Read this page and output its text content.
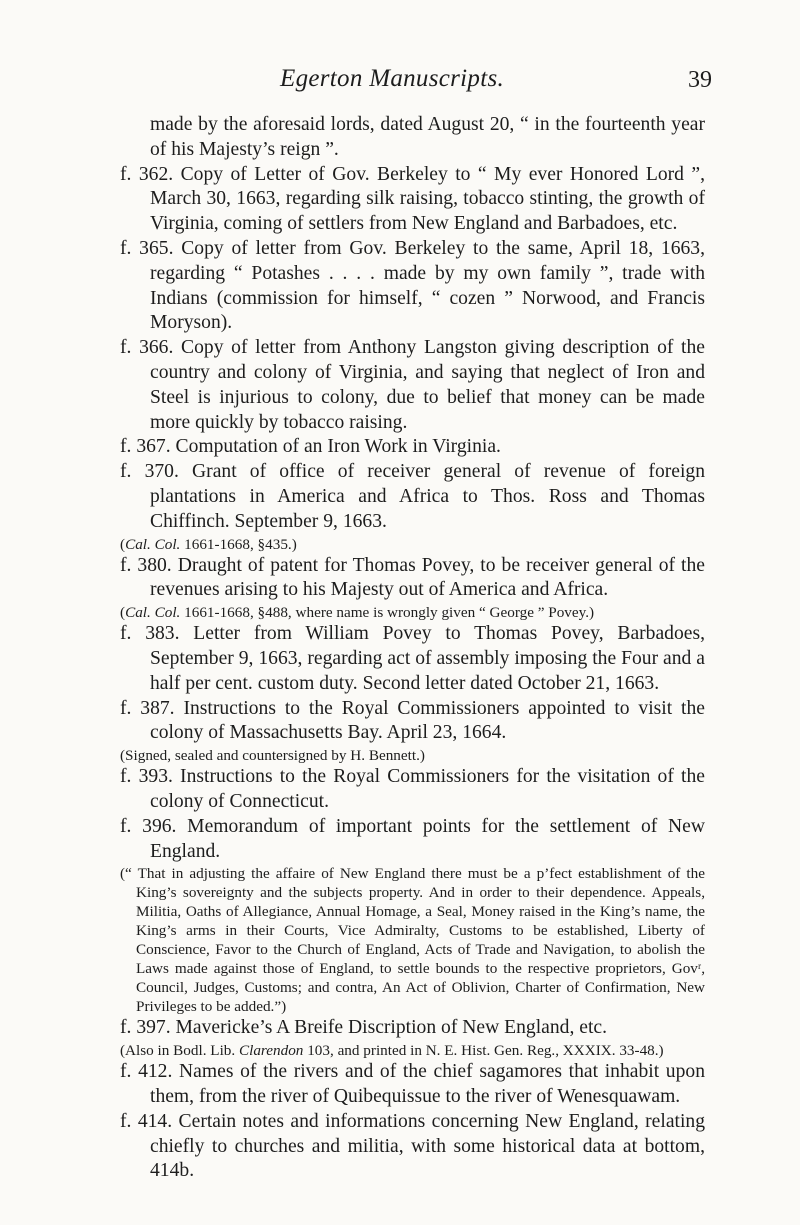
Egerton Manuscripts.	39

made by the aforesaid lords, dated August 20, “ in the fourteenth year of his Majesty’s reign ”.

f. 362. Copy of Letter of Gov. Berkeley to “ My ever Honored Lord ”, March 30, 1663, regarding silk raising, tobacco stinting, the growth of Virginia, coming of settlers from New England and Barbadoes, etc.

f. 365. Copy of letter from Gov. Berkeley to the same, April 18, 1663, regarding “ Potashes . . . . made by my own family ”, trade with Indians (commission for himself, “ cozen ” Norwood, and Francis Moryson).

f. 366. Copy of letter from Anthony Langston giving description of the country and colony of Virginia, and saying that neglect of Iron and Steel is injurious to colony, due to belief that money can be made more quickly by tobacco raising.

f. 367. Computation of an Iron Work in Virginia.

f. 370. Grant of office of receiver general of revenue of foreign plantations in America and Africa to Thos. Ross and Thomas Chiffinch. September 9, 1663.

(Cal. Col. 1661-1668, §435.)

f. 380. Draught of patent for Thomas Povey, to be receiver general of the revenues arising to his Majesty out of America and Africa.

(Cal. Col. 1661-1668, §488, where name is wrongly given “ George ” Povey.)

f. 383. Letter from William Povey to Thomas Povey, Barbadoes, September 9, 1663, regarding act of assembly imposing the Four and a half per cent. custom duty. Second letter dated October 21, 1663.

f. 387. Instructions to the Royal Commissioners appointed to visit the colony of Massachusetts Bay. April 23, 1664.

(Signed, sealed and countersigned by H. Bennett.)

f. 393. Instructions to the Royal Commissioners for the visitation of the colony of Connecticut.

f. 396. Memorandum of important points for the settlement of New England.

(“ That in adjusting the affaire of New England there must be a p’fect establishment of the King’s sovereignty and the subjects property. And in order to their dependence. Appeals, Militia, Oaths of Allegiance, Annual Homage, a Seal, Money raised in the King’s name, the King’s arms in their Courts, Vice Admiralty, Customs to be established, Liberty of Conscience, Favor to the Church of England, Acts of Trade and Navigation, to abolish the Laws made against those of England, to settle bounds to the respective proprietors, Govʳ, Council, Judges, Customs; and contra, An Act of Oblivion, Charter of Confirmation, New Privileges to be added.”)

f. 397. Mavericke’s A Breife Discription of New England, etc.

(Also in Bodl. Lib. Clarendon 103, and printed in N. E. Hist. Gen. Reg., XXXIX. 33-48.)

f. 412. Names of the rivers and of the chief sagamores that inhabit upon them, from the river of Quibequissue to the river of Wenesquawam.

f. 414. Certain notes and informations concerning New England, relating chiefly to churches and militia, with some historical data at bottom, 414b.
